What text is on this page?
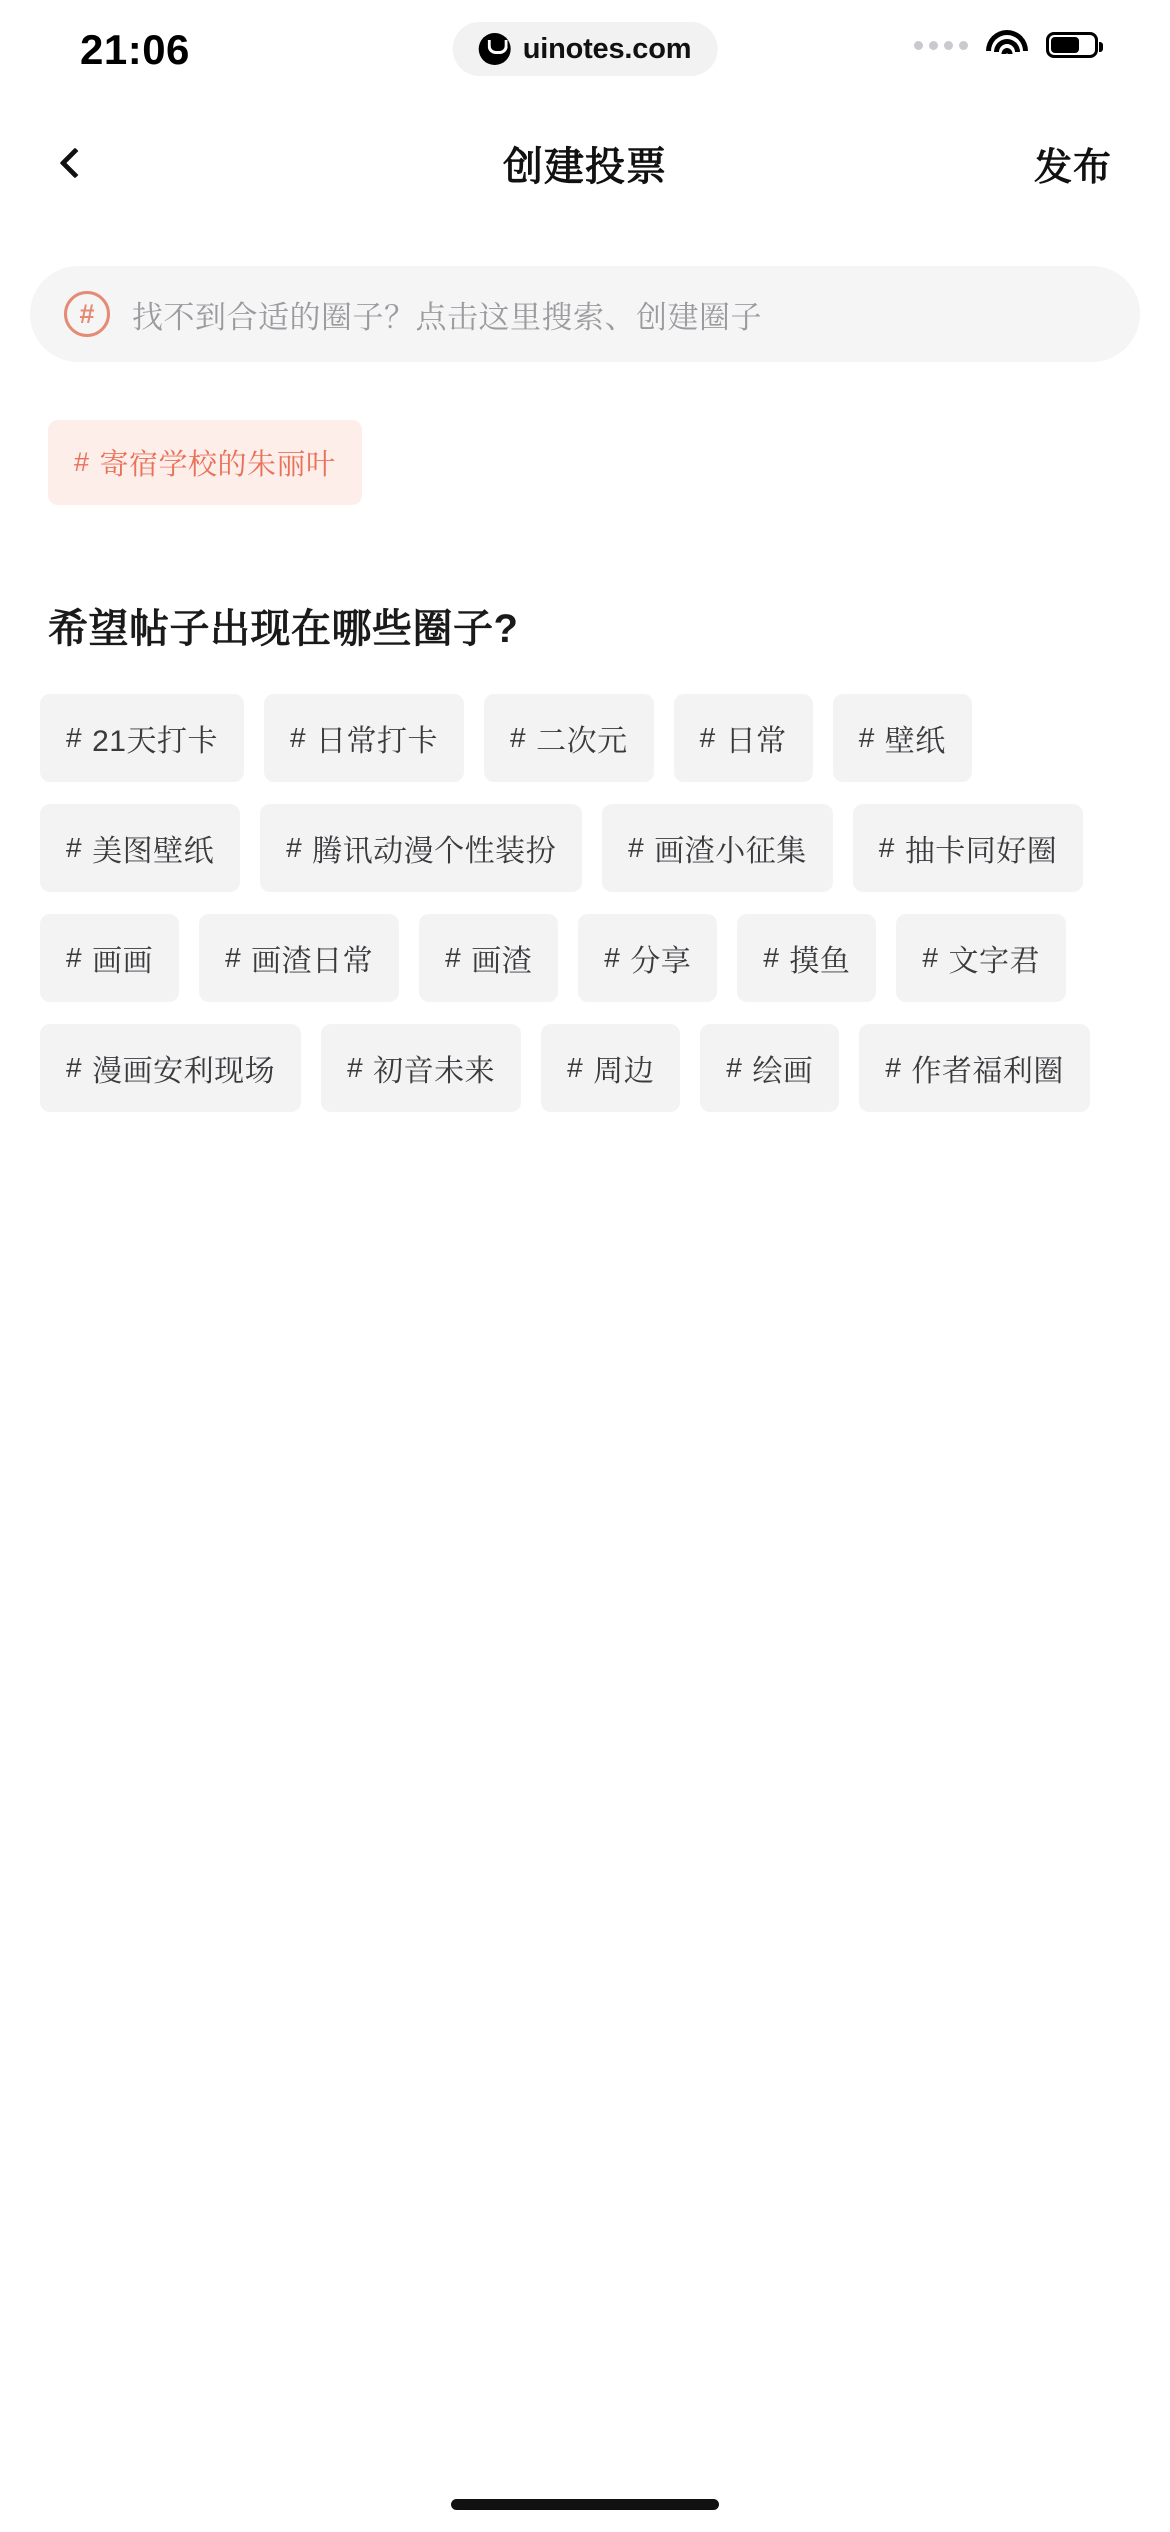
21:06	uinotes.com
创建投票	发布
#	找不到合适的圈子？点击这里搜索、创建圈子
# 寄宿学校的朱丽叶
希望帖子出现在哪些圈子?
# 21天打卡	# 日常打卡	# 二次元	# 日常	# 壁纸
# 美图壁纸	# 腾讯动漫个性装扮	# 画渣小征集	# 抽卡同好圈
# 画画	# 画渣日常	# 画渣	# 分享	# 摸鱼	# 文字君
# 漫画安利现场	# 初音未来	# 周边	# 绘画	# 作者福利圈
